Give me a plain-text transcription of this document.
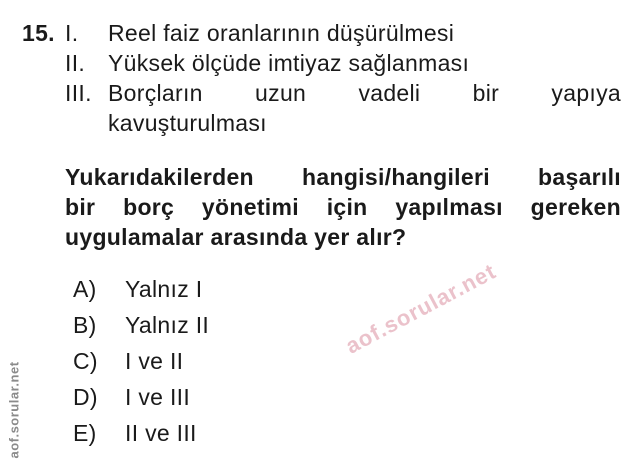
aof.sorular.net
aof.sorular.net
15. I.	Reel faiz oranlarının düşürülmesi
II. Yüksek ölçüde imtiyaz sağlanması
III. Borçların uzun vadeli bir yapıya
kavuşturulması
Yukarıdakilerden hangisi/hangileri başarılı
bir borç yönetimi için yapılması gereken
uygulamalar arasında yer alır?
A)	Yalnız I
B)	Yalnız II
C)	I ve II
D)	I ve III
E)	II ve III
